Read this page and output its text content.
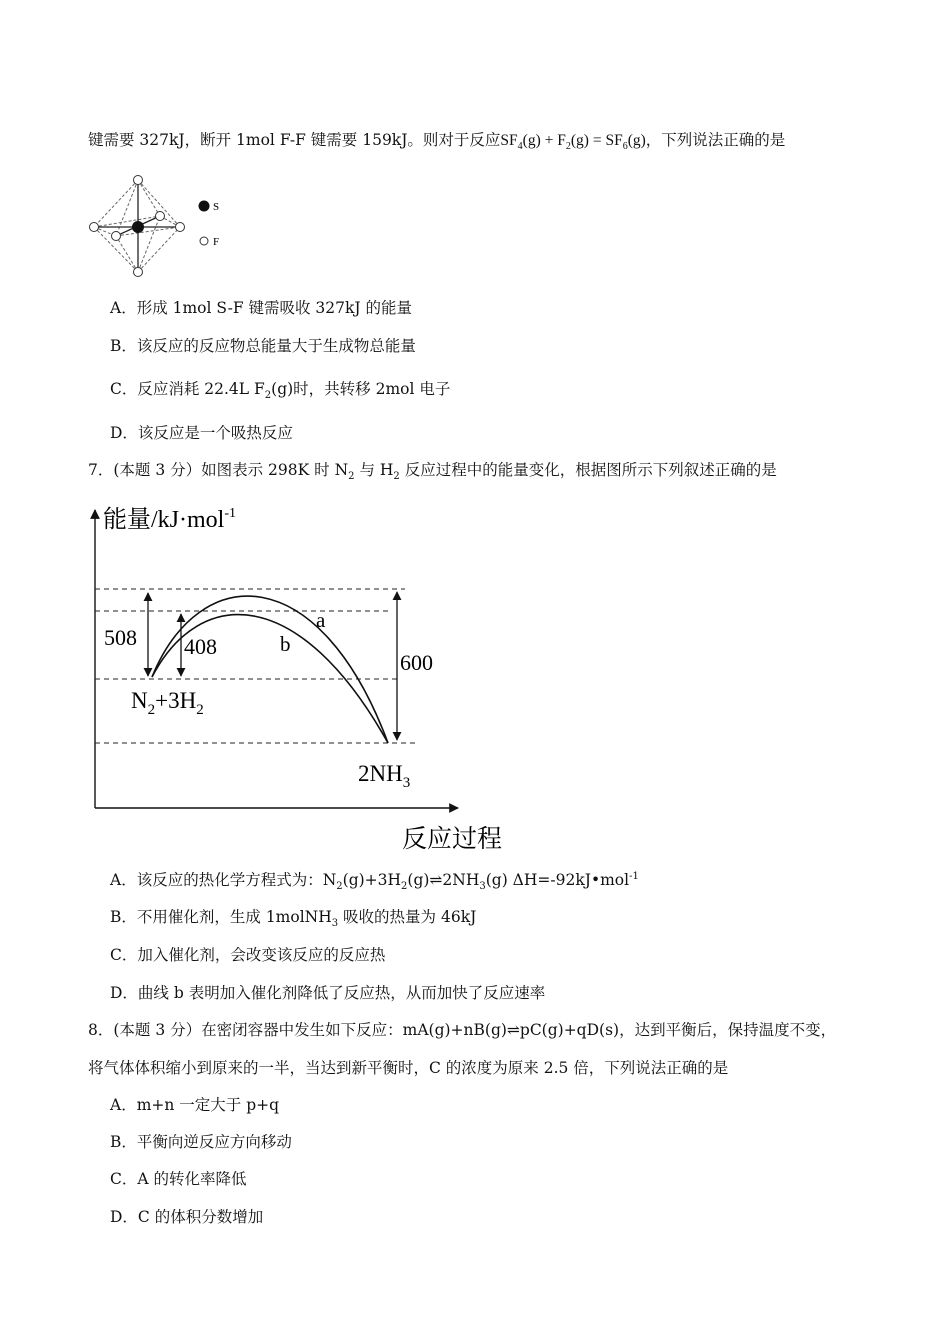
键需要 327kJ，断开 1mol F-F 键需要 159kJ。则对于反应$SF_4(g) + F_2(g) = SF_6(g)$，下列说法正确的是
S
F
A．形成 1mol S-F 键需吸收 327kJ 的能量
B．该反应的反应物总能量大于生成物总能量
C．反应消耗 22.4L $F_2(g)$时，共转移 2mol 电子
D．该反应是一个吸热反应
7．(本题 3 分）如图表示 298K 时 $N_2$ 与 $H_2$ 反应过程中的能量变化，根据图所示下列叙述正确的是
能量/kJ·mol$^{-1}$
反应过程
a
b
508 408
600
$N_2+3H_2$
$2NH_3$
A．该反应的热化学方程式为：$N_2(g)+3H_2(g)\rightleftharpoons 2NH_3(g)$ ΔH=-92kJ•mol$^{-1}$
B．不用催化剂，生成 1molNH$_3$ 吸收的热量为 46kJ
C．加入催化剂，会改变该反应的反应热
D．曲线 b 表明加入催化剂降低了反应热，从而加快了反应速率
8．(本题 3 分）在密闭容器中发生如下反应：mA(g)+nB(g)⇌pC(g)+qD(s)，达到平衡后，保持温度不变，
将气体体积缩小到原来的一半，当达到新平衡时，C 的浓度为原来 2.5 倍，下列说法正确的是
A．m+n 一定大于 p+q
B．平衡向逆反应方向移动
C．A 的转化率降低
D．C 的体积分数增加
